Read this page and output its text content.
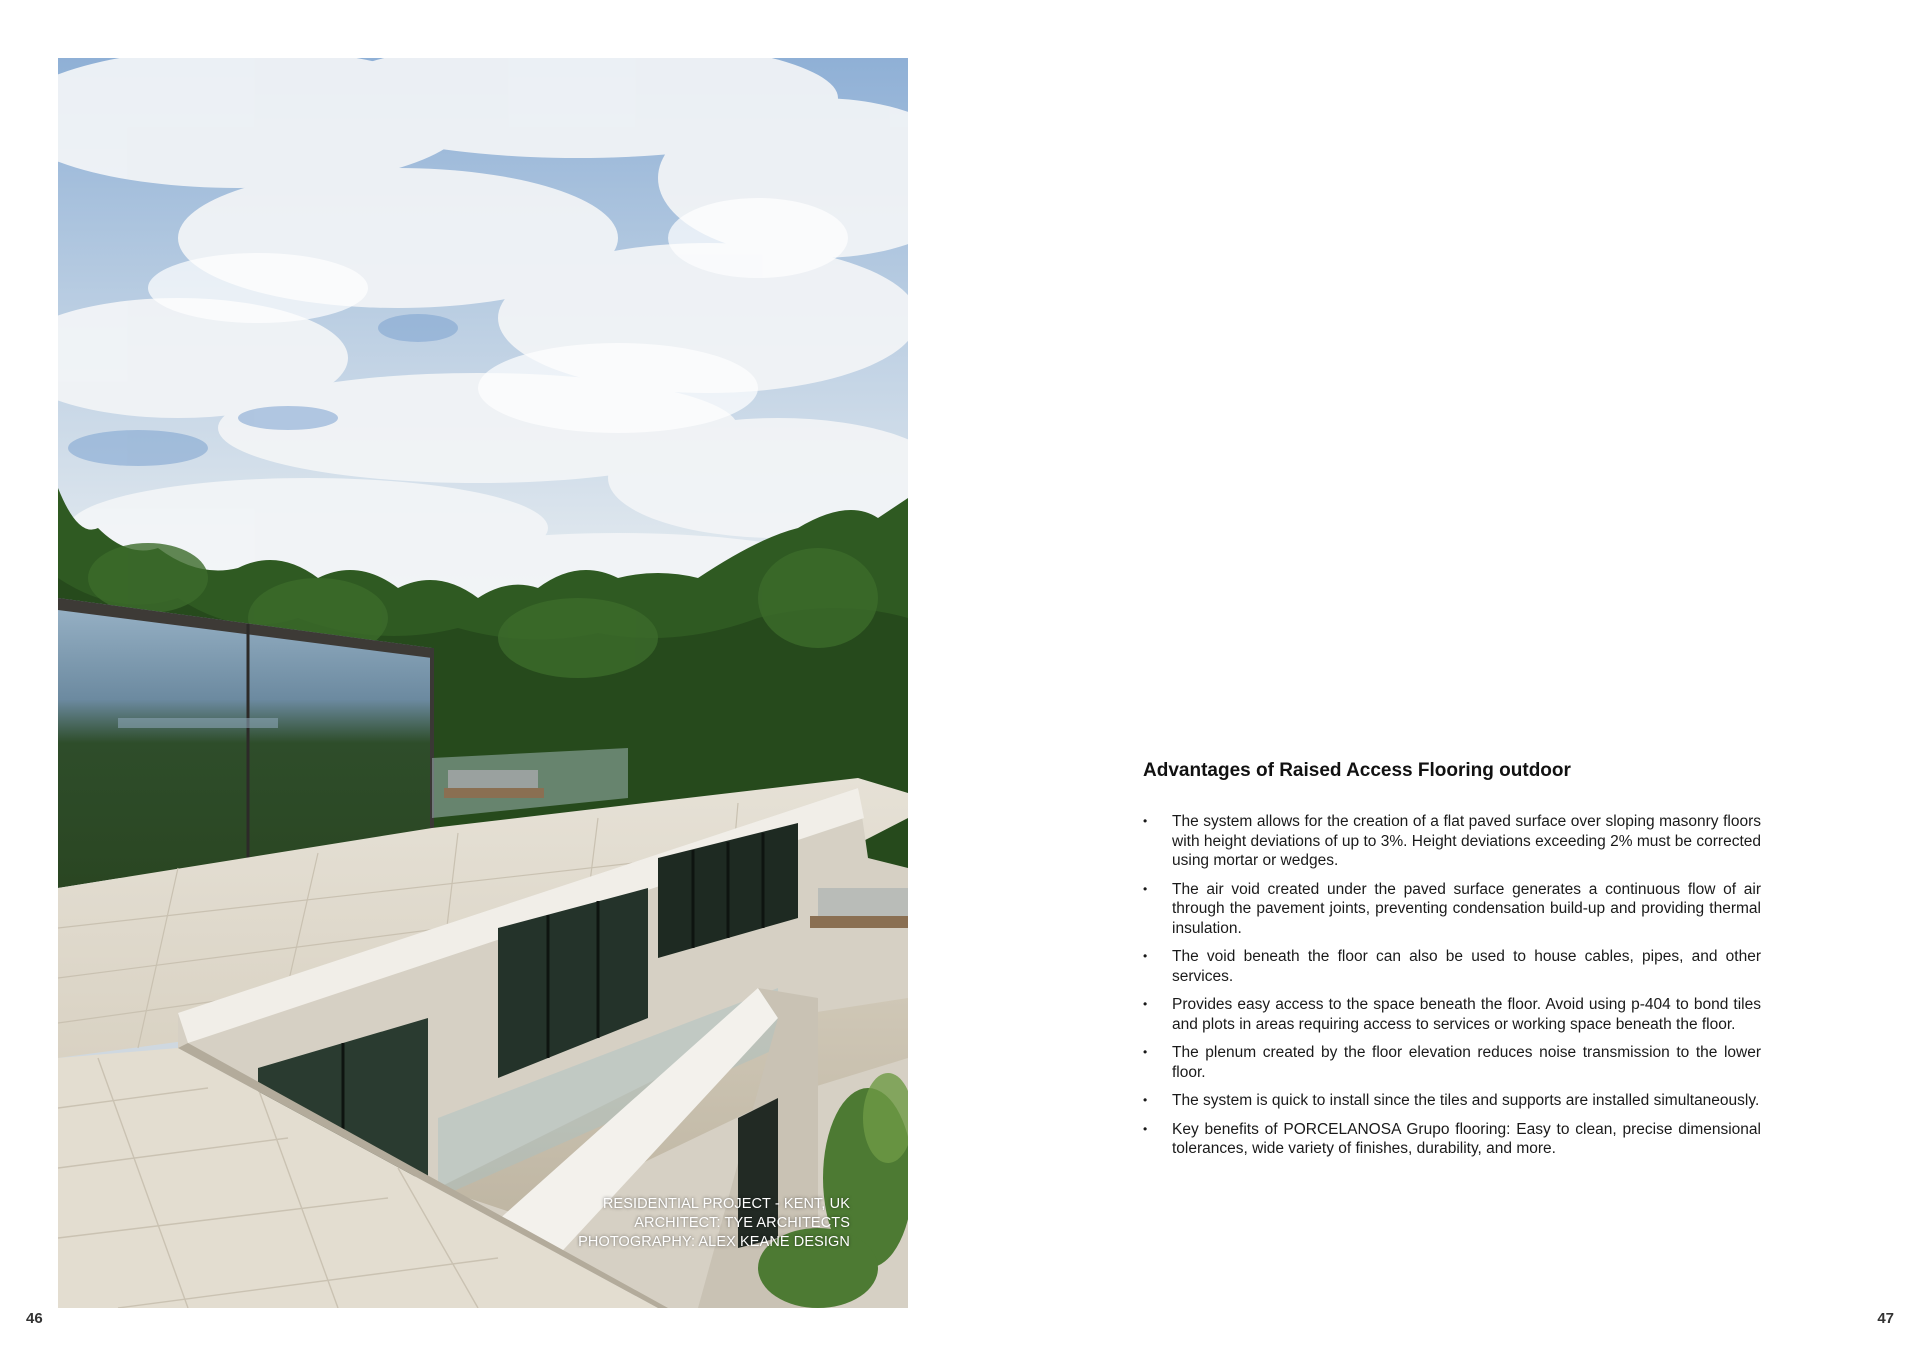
RESIDENTIAL PROJECT - KENT, UK
ARCHITECT: TYE ARCHITECTS
PHOTOGRAPHY: ALEX KEANE DESIGN
46	47
Advantages of Raised Access Flooring outdoor
• The system allows for the creation of a flat paved surface over sloping masonry floors with height deviations of up to 3%. Height deviations exceeding 2% must be corrected using mortar or wedges.
• The air void created under the paved surface generates a continuous flow of air through the pavement joints, preventing condensation build-up and providing thermal insulation.
• The void beneath the floor can also be used to house cables, pipes, and other services.
• Provides easy access to the space beneath the floor. Avoid using p-404 to bond tiles and plots in areas requiring access to services or working space beneath the floor.
• The plenum created by the floor elevation reduces noise transmission to the lower floor.
• The system is quick to install since the tiles and supports are installed simultaneously.
• Key benefits of PORCELANOSA Grupo flooring: Easy to clean, precise dimensional tolerances, wide variety of finishes, durability, and more.
